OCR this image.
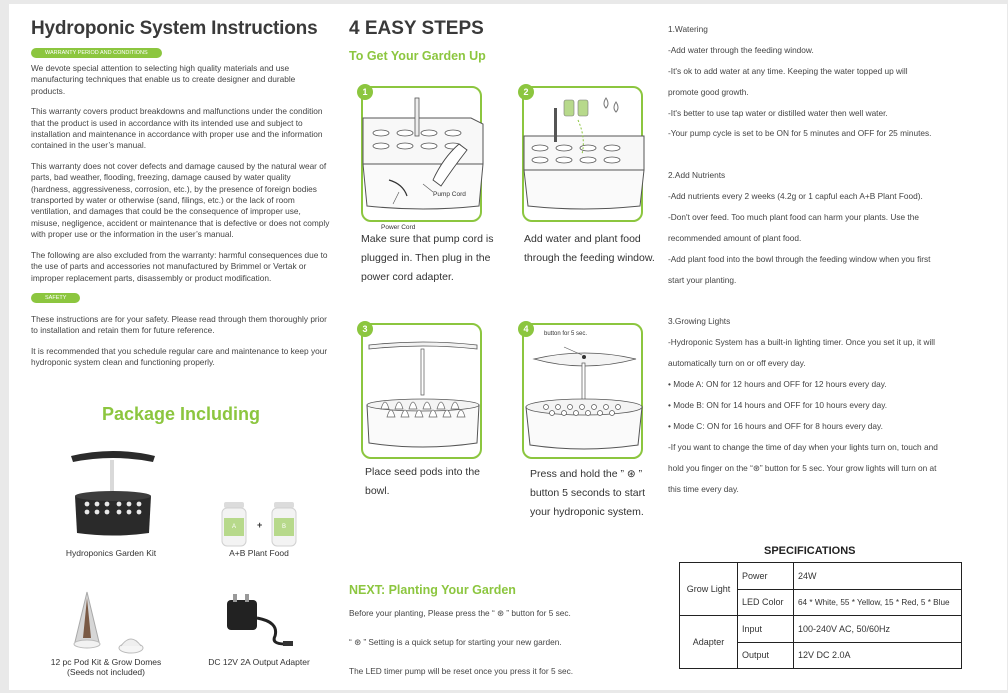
Hydroponic System Instructions
WARRANTY PERIOD AND CONDITIONS
We devote special attention to selecting high quality materials and use manufacturing techniques that enable us to create designer and durable products.
This warranty covers product breakdowns and malfunctions under the condition that the product is used in accordance with its intended use and subject to installation and maintenance in accordance with proper use and the information contained in the user’s manual.
This warranty does not cover defects and damage caused by the natural wear of parts, bad weather, flooding, freezing, damage caused by water quality (hardness, aggressiveness, corrosion, etc.), by the presence of foreign bodies transported by water or otherwise (sand, filings, etc.) or the lack of room ventilation, and damages that could be the consequence of improper use, misuse, negligence, accident or maintenance that is defective or does not comply with proper use or the information in the user’s manual.
The following are also excluded from the warranty: harmful consequences due to the use of parts and accessories not manufactured by Brimmel or Vertak or improper replacement parts, disassembly or product modification.
SAFETY
These instructions are for your safety. Please read through them thoroughly prior to installation and retain them for future reference.
It is recommended that you schedule regular care and maintenance to keep your hydroponic system clean and functioning properly.
Package Including
Hydroponics Garden Kit
A	B
+
A+B Plant Food
12 pc Pod Kit & Grow Domes
(Seeds not included)
DC 12V 2A Output Adapter
4 EASY STEPS
To Get Your Garden Up
Pump Cord
Power Cord
1
Make sure that pump cord is plugged in. Then plug in the power cord adapter.
2
Add water and plant food through the feeding window.
3
Place seed pods into the bowl.
button for 5 sec.
4
Press and hold the ” ⊛ ” button 5 seconds to start your hydroponic system.
NEXT: Planting Your Garden
Before your planting, Please press the “ ⊛ ” button for 5 sec.
“ ⊛ ” Setting is a quick setup for starting your new garden.
The LED timer pump will be reset once you press it for 5 sec.
1.Watering
-Add water through the feeding window.
-It's ok to add water at any time. Keeping the water topped up will
promote good growth.
-It's better to use tap water or distilled water then well water.
-Your pump cycle is set to be ON for 5 minutes and OFF for 25 minutes.
2.Add Nutrients
-Add nutrients every 2 weeks (4.2g or 1 capful each A+B Plant Food).
-Don't over feed. Too much plant food can harm your plants. Use the
recommended amount of plant food.
-Add plant food into the bowl through the feeding window when you first
start your planting.
3.Growing Lights
-Hydroponic System has a built-in lighting timer. Once you set it up, it will
automatically turn on or off every day.
• Mode A: ON for 12 hours and OFF for 12 hours every day.
• Mode B: ON for 14 hours and OFF for 10 hours every day.
• Mode C: ON for 16 hours and OFF for 8 hours every day.
-If you want to change the time of day when your lights turn on, touch and
hold you finger on the “⊛” button for 5 sec. Your grow lights will turn on at
this time every day.
SPECIFICATIONS
Grow Light	Power	24W
	LED Color	64 * White, 55 * Yellow, 15 * Red, 5 * Blue
Adapter	Input	100-240V AC, 50/60Hz
	Output	12V DC 2.0A
